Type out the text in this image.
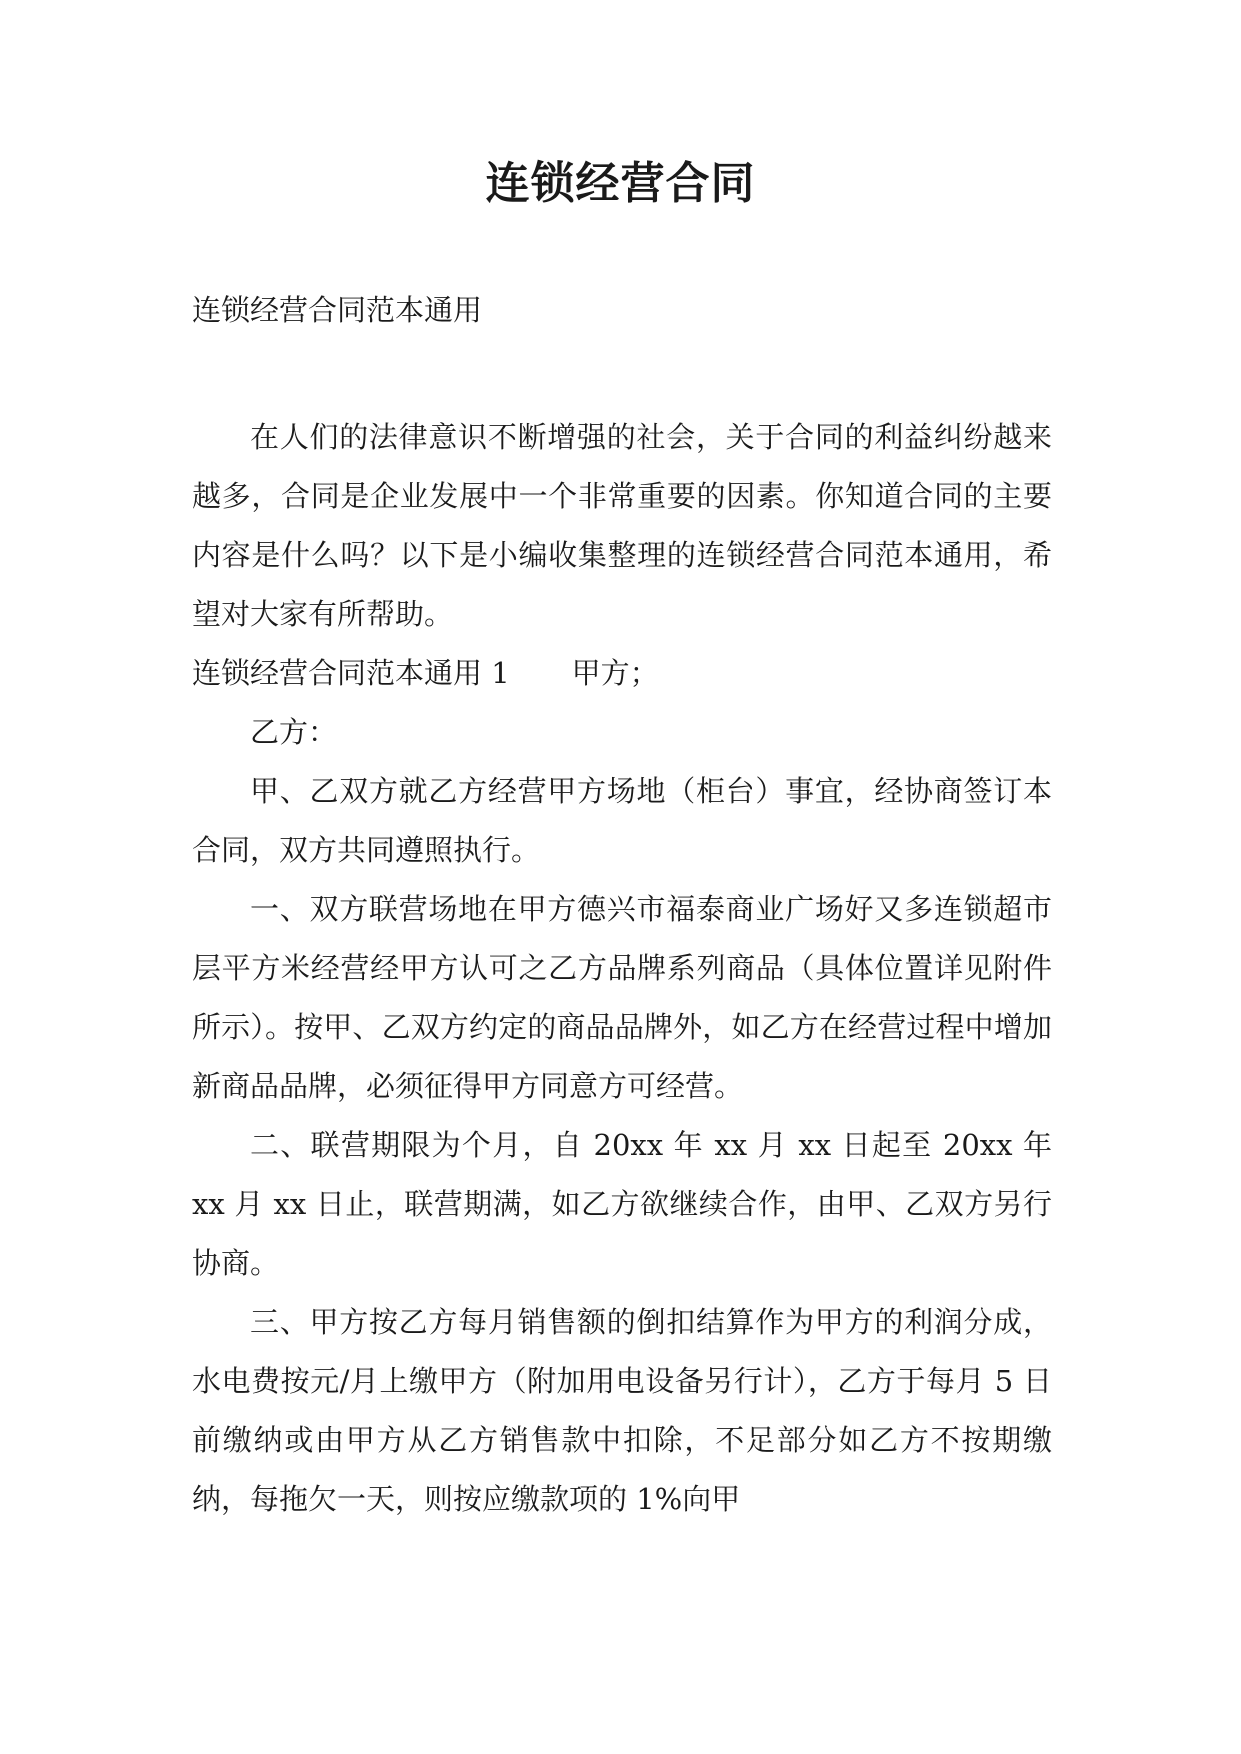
连锁经营合同
连锁经营合同范本通用

在人们的法律意识不断增强的社会，关于合同的利益纠纷越来越多，合同是企业发展中一个非常重要的因素。你知道合同的主要内容是什么吗？以下是小编收集整理的连锁经营合同范本通用，希望对大家有所帮助。

连锁经营合同范本通用 1 甲方；

乙方：

甲、乙双方就乙方经营甲方场地（柜台）事宜，经协商签订本合同，双方共同遵照执行。

一、双方联营场地在甲方德兴市福泰商业广场好又多连锁超市层平方米经营经甲方认可之乙方品牌系列商品（具体位置详见附件所示）。按甲、乙双方约定的商品品牌外，如乙方在经营过程中增加新商品品牌，必须征得甲方同意方可经营。

二、联营期限为个月，自 20xx 年 xx 月 xx 日起至 20xx 年 xx 月 xx 日止，联营期满，如乙方欲继续合作，由甲、乙双方另行协商。

三、甲方按乙方每月销售额的倒扣结算作为甲方的利润分成，水电费按元/月上缴甲方（附加用电设备另行计），乙方于每月 5 日前缴纳或由甲方从乙方销售款中扣除，不足部分如乙方不按期缴纳，每拖欠一天，则按应缴款项的 1%向甲
